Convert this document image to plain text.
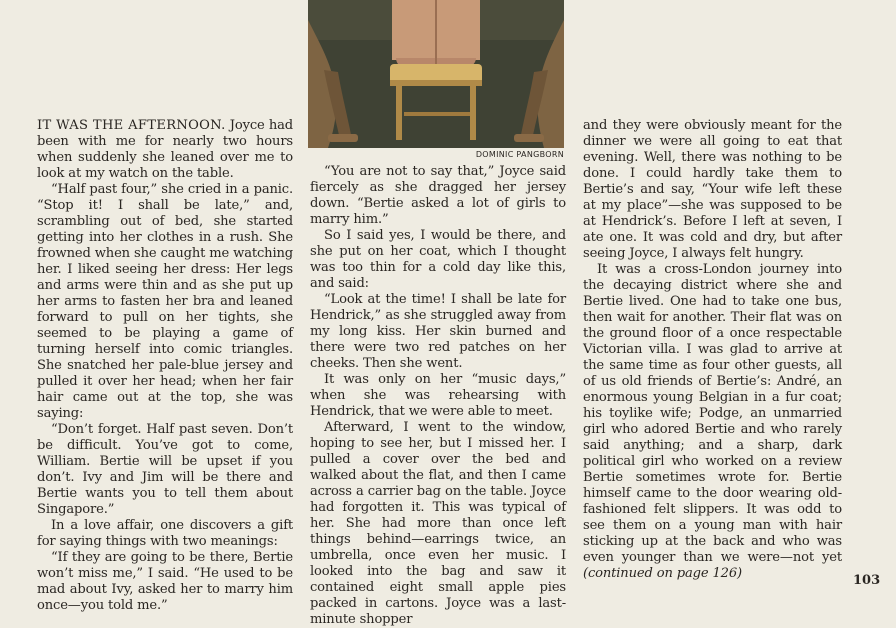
DOMINIC PANGBORN

IT WAS THE AFTERNOON. Joyce had been with me for nearly two hours when suddenly she leaned over me to look at my watch on the table.

“Half past four,” she cried in a panic. “Stop it! I shall be late,” and, scrambling out of bed, she started getting into her clothes in a rush. She frowned when she caught me watching her. I liked seeing her dress: Her legs and arms were thin and as she put up her arms to fasten her bra and leaned forward to pull on her tights, she seemed to be playing a game of turning herself into comic triangles. She snatched her pale-blue jersey and pulled it over her head; when her fair hair came out at the top, she was saying:

“Don’t forget. Half past seven. Don’t be difficult. You’ve got to come, William. Bertie will be upset if you don’t. Ivy and Jim will be there and Bertie wants you to tell them about Singapore.”

In a love affair, one discovers a gift for saying things with two meanings:

“If they are going to be there, Bertie won’t miss me,” I said. “He used to be mad about Ivy, asked her to marry him once—you told me.”

“You are not to say that,” Joyce said fiercely as she dragged her jersey down. “Bertie asked a lot of girls to marry him.”

So I said yes, I would be there, and she put on her coat, which I thought was too thin for a cold day like this, and said:

“Look at the time! I shall be late for Hendrick,” as she struggled away from my long kiss. Her skin burned and there were two red patches on her cheeks. Then she went.

It was only on her “music days,” when she was rehearsing with Hendrick, that we were able to meet.

Afterward, I went to the window, hoping to see her, but I missed her. I pulled a cover over the bed and walked about the flat, and then I came across a carrier bag on the table. Joyce had forgotten it. This was typical of her. She had more than once left things behind—earrings twice, an umbrella, once even her music. I looked into the bag and saw it contained eight small apple pies packed in cartons. Joyce was a last-minute shopper

and they were obviously meant for the dinner we were all going to eat that evening. Well, there was nothing to be done. I could hardly take them to Bertie’s and say, “Your wife left these at my place”—she was supposed to be at Hendrick’s. Before I left at seven, I ate one. It was cold and dry, but after seeing Joyce, I always felt hungry.

It was a cross-London journey into the decaying district where she and Bertie lived. One had to take one bus, then wait for another. Their flat was on the ground floor of a once respectable Victorian villa. I was glad to arrive at the same time as four other guests, all of us old friends of Bertie’s: André, an enormous young Belgian in a fur coat; his toylike wife; Podge, an unmarried girl who adored Bertie and who rarely said anything; and a sharp, dark political girl who worked on a review Bertie sometimes wrote for. Bertie himself came to the door wearing old-fashioned felt slippers. It was odd to see them on a young man with hair sticking up at the back and who was even younger than we were—not yet (continued on page 126)	103
